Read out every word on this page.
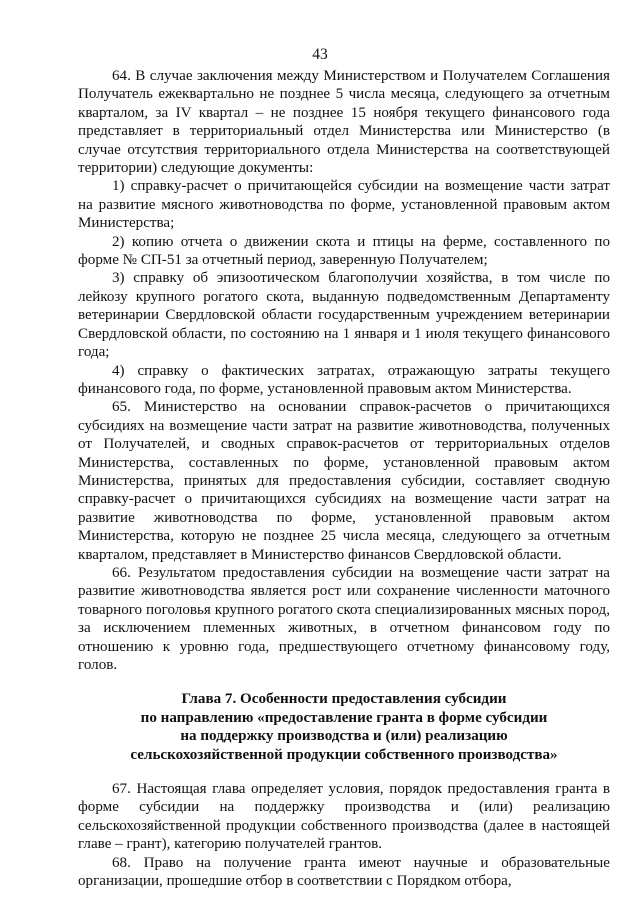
43

64. В случае заключения между Министерством и Получателем Соглашения Получатель ежеквартально не позднее 5 числа месяца, следующего за отчетным кварталом, за IV квартал – не позднее 15 ноября текущего финансового года представляет в территориальный отдел Министерства или Министерство (в случае отсутствия территориального отдела Министерства на соответствующей территории) следующие документы:

1) справку-расчет о причитающейся субсидии на возмещение части затрат на развитие мясного животноводства по форме, установленной правовым актом Министерства;

2) копию отчета о движении скота и птицы на ферме, составленного по форме № СП-51 за отчетный период, заверенную Получателем;

3) справку об эпизоотическом благополучии хозяйства, в том числе по лейкозу крупного рогатого скота, выданную подведомственным Департаменту ветеринарии Свердловской области государственным учреждением ветеринарии Свердловской области, по состоянию на 1 января и 1 июля текущего финансового года;

4) справку о фактических затратах, отражающую затраты текущего финансового года, по форме, установленной правовым актом Министерства.

65. Министерство на основании справок-расчетов о причитающихся субсидиях на возмещение части затрат на развитие животноводства, полученных от Получателей, и сводных справок-расчетов от территориальных отделов Министерства, составленных по форме, установленной правовым актом Министерства, принятых для предоставления субсидии, составляет сводную справку-расчет о причитающихся субсидиях на возмещение части затрат на развитие животноводства по форме, установленной правовым актом Министерства, которую не позднее 25 числа месяца, следующего за отчетным кварталом, представляет в Министерство финансов Свердловской области.

66. Результатом предоставления субсидии на возмещение части затрат на развитие животноводства является рост или сохранение численности маточного товарного поголовья крупного рогатого скота специализированных мясных пород, за исключением племенных животных, в отчетном финансовом году по отношению к уровню года, предшествующего отчетному финансовому году, голов.

Глава 7. Особенности предоставления субсидии
по направлению «предоставление гранта в форме субсидии
на поддержку производства и (или) реализацию
сельскохозяйственной продукции собственного производства»

67. Настоящая глава определяет условия, порядок предоставления гранта в форме субсидии на поддержку производства и (или) реализацию сельскохозяйственной продукции собственного производства (далее в настоящей главе – грант), категорию получателей грантов.

68. Право на получение гранта имеют научные и образовательные организации, прошедшие отбор в соответствии с Порядком отбора,
